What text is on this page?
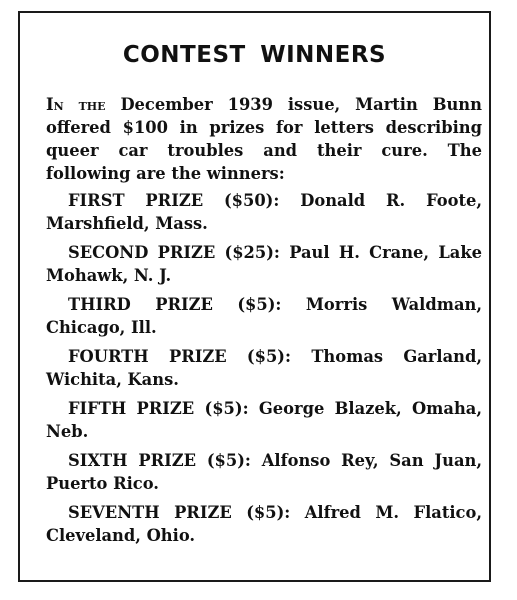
CONTEST WINNERS

In the December 1939 issue, Martin Bunn offered $100 in prizes for letters describing queer car troubles and their cure. The following are the winners:

FIRST PRIZE ($50): Donald R. Foote, Marshfield, Mass.

SECOND PRIZE ($25): Paul H. Crane, Lake Mohawk, N. J.

THIRD PRIZE ($5): Morris Waldman, Chicago, Ill.

FOURTH PRIZE ($5): Thomas Garland, Wichita, Kans.

FIFTH PRIZE ($5): George Blazek, Omaha, Neb.

SIXTH PRIZE ($5): Alfonso Rey, San Juan, Puerto Rico.

SEVENTH PRIZE ($5): Alfred M. Flatico, Cleveland, Ohio.
